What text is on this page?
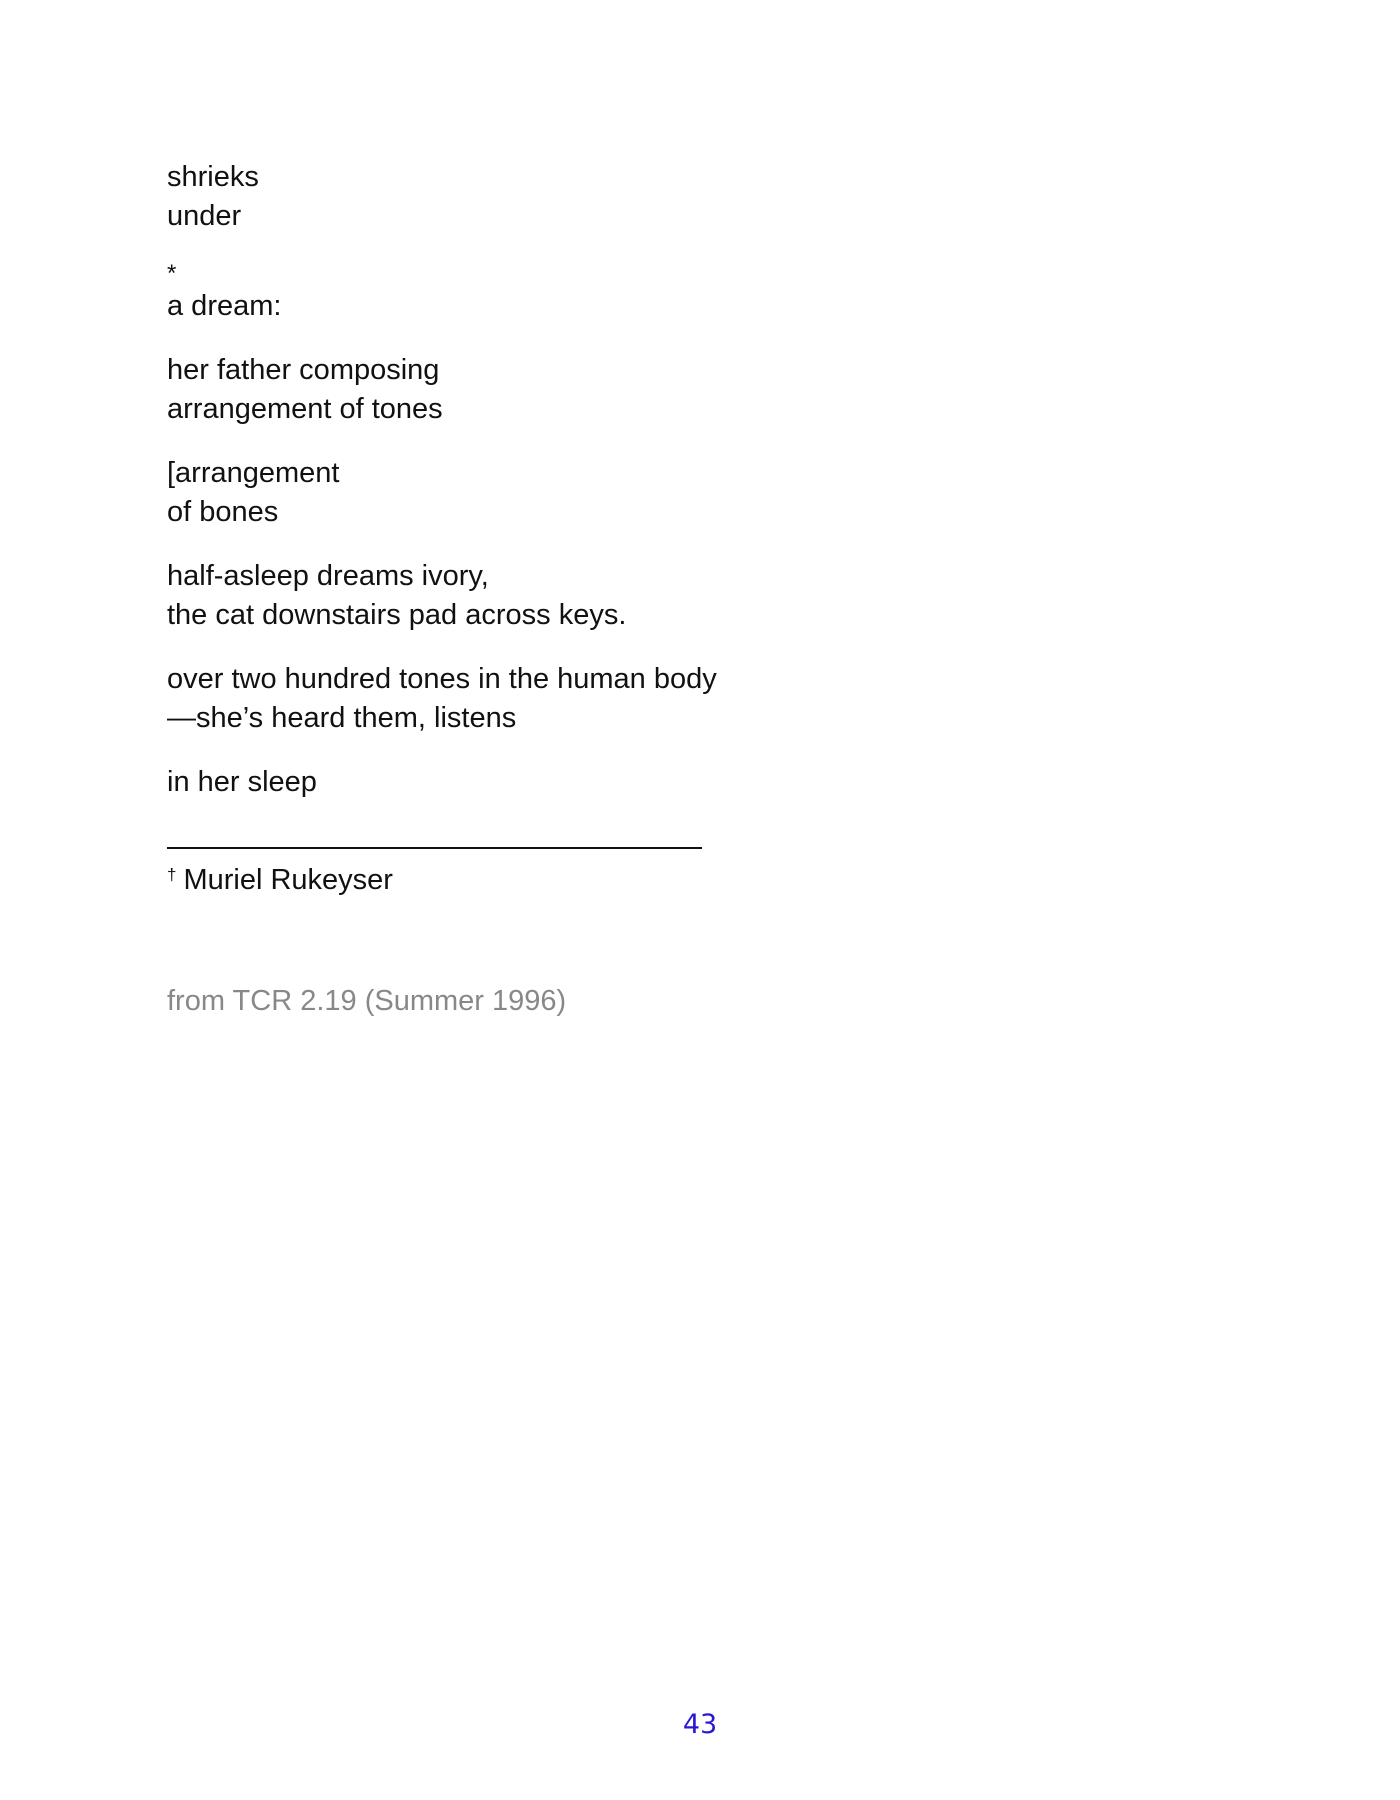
shrieks
under
*
a dream:
her father composing
arrangement of tones
[arrangement
of bones
half-asleep dreams ivory,
the cat downstairs pad across keys.
over two hundred tones in the human body
—she’s heard them, listens
in her sleep
† Muriel Rukeyser
from TCR 2.19 (Summer 1996)
43
